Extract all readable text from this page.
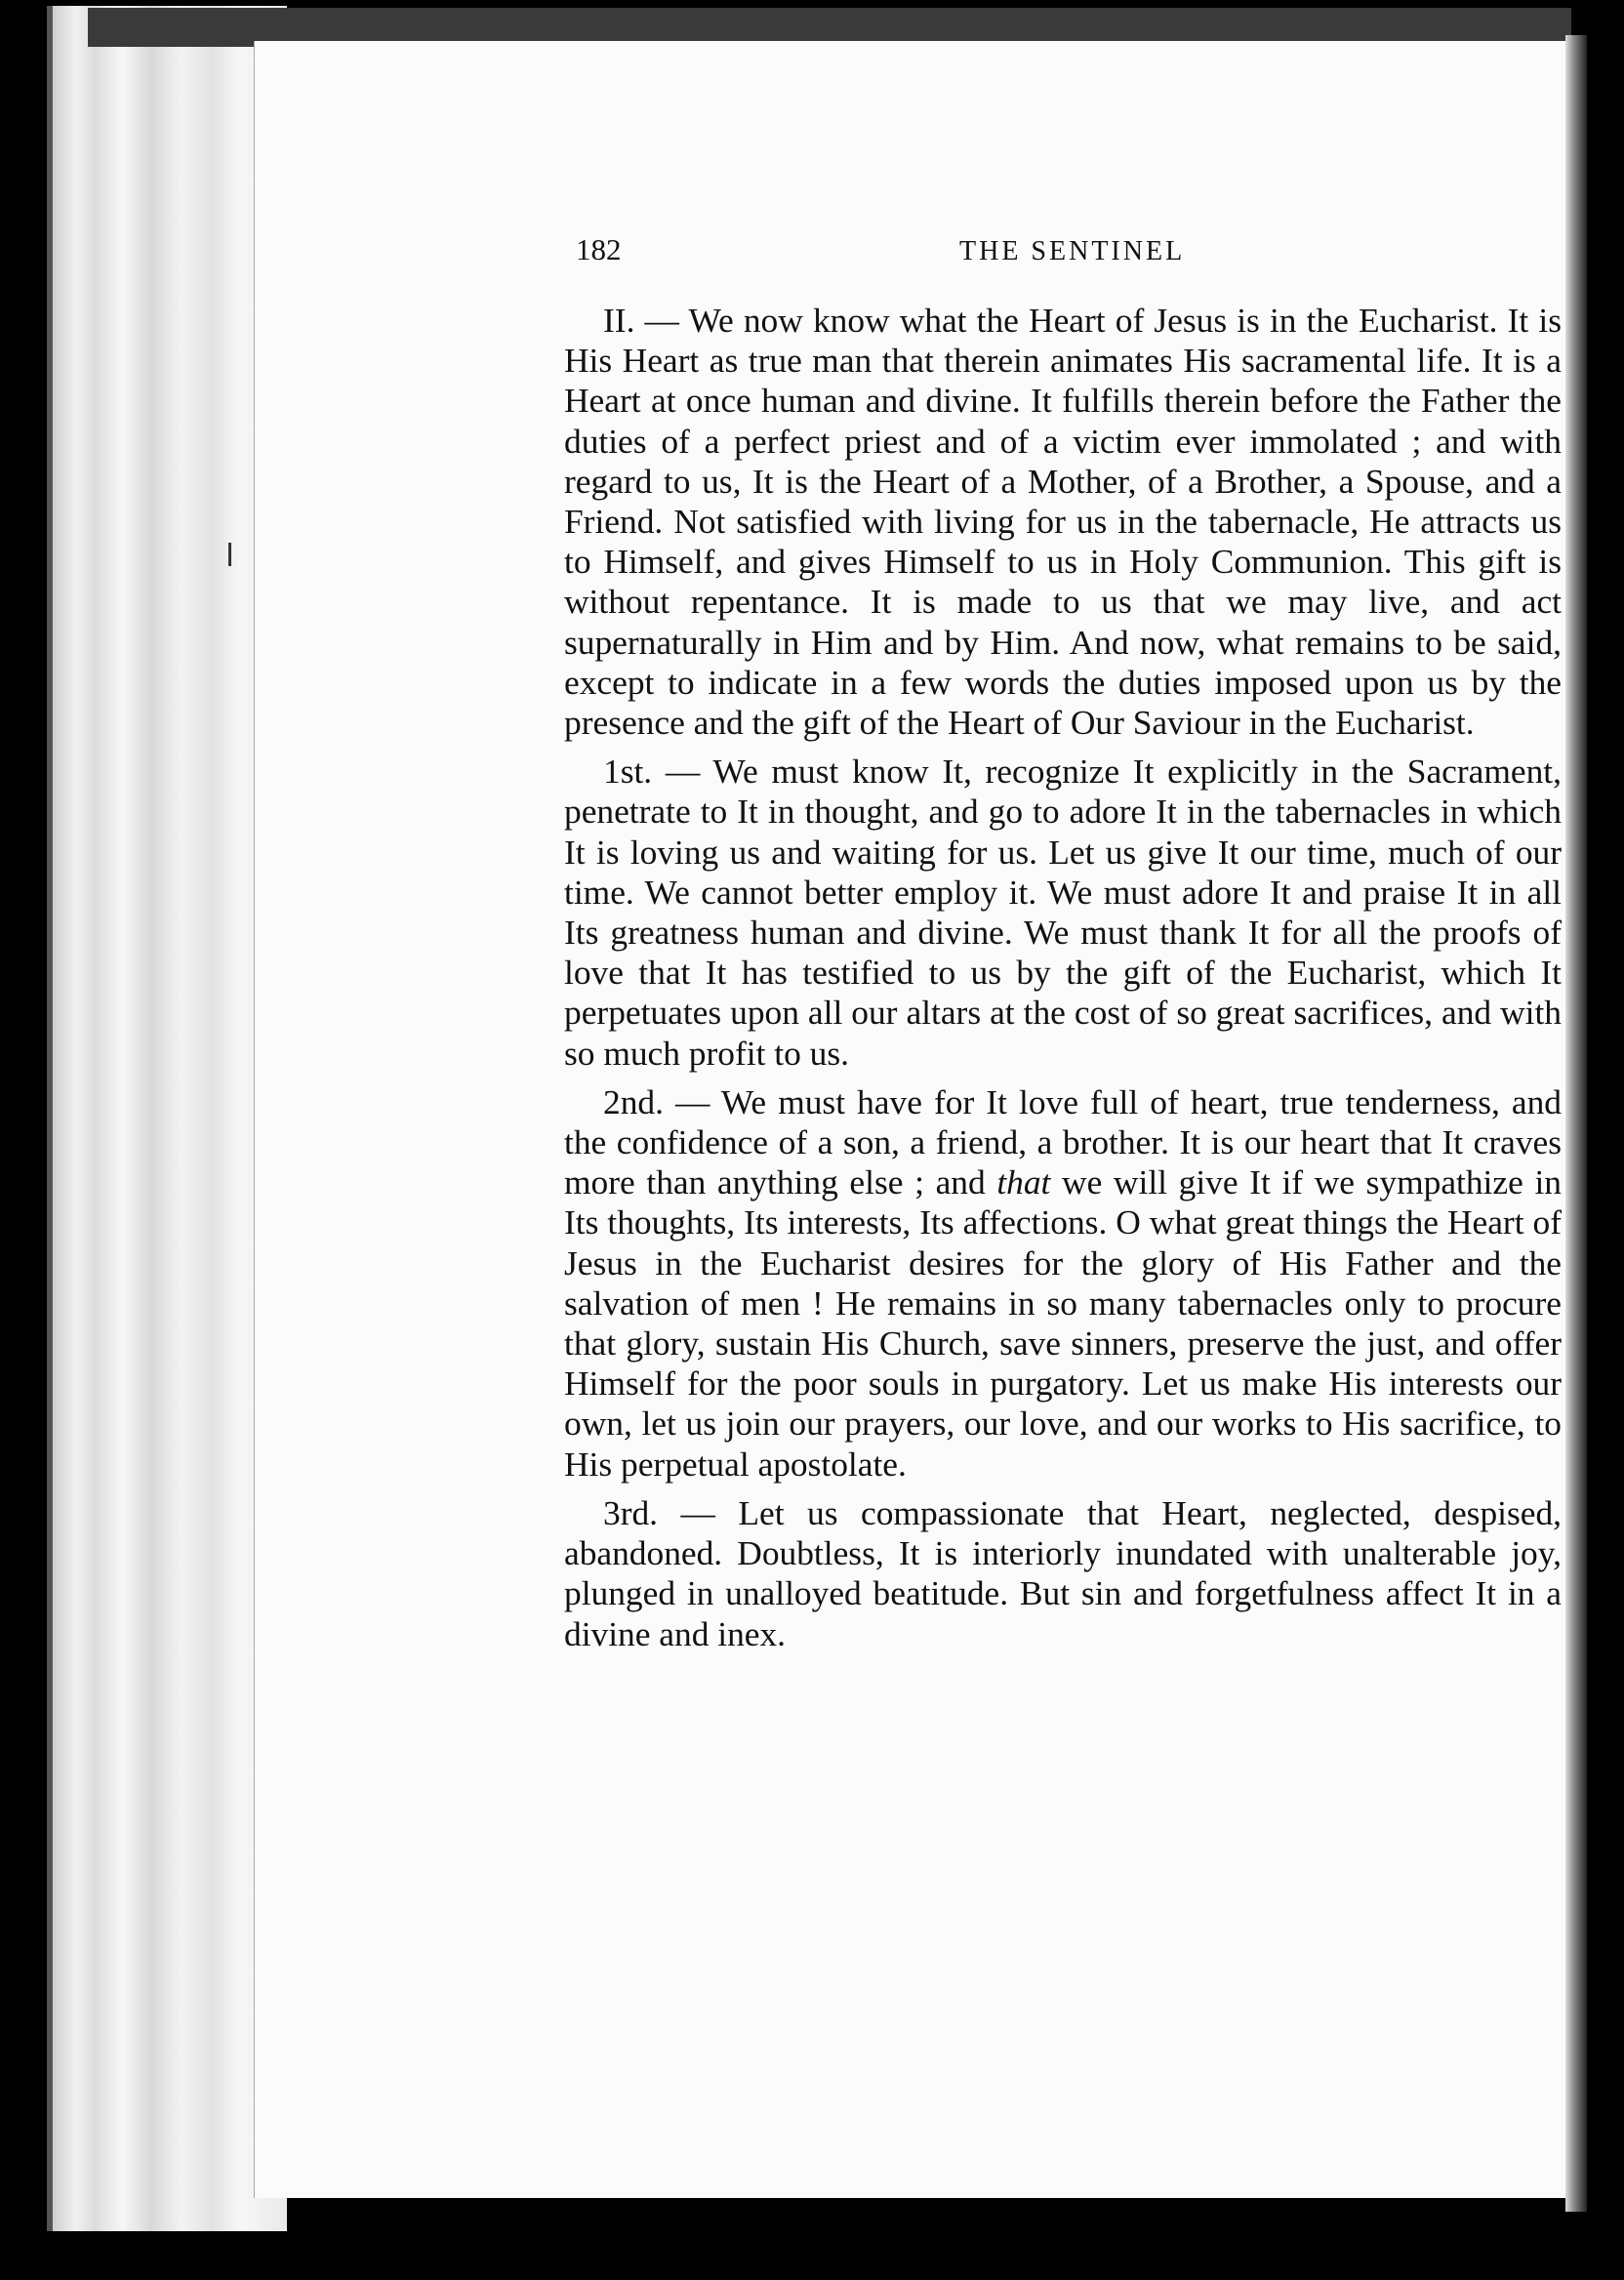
182	THE SENTINEL

II. — We now know what the Heart of Jesus is in the Eucharist. It is His Heart as true man that therein animates His sacramental life. It is a Heart at once human and divine. It fulfills therein before the Father the duties of a perfect priest and of a victim ever immolated ; and with regard to us, It is the Heart of a Mother, of a Brother, a Spouse, and a Friend. Not satisfied with living for us in the tabernacle, He attracts us to Himself, and gives Himself to us in Holy Communion. This gift is without repentance. It is made to us that we may live, and act supernaturally in Him and by Him. And now, what remains to be said, except to indicate in a few words the duties imposed upon us by the presence and the gift of the Heart of Our Saviour in the Eucharist.

1st. — We must know It, recognize It explicitly in the Sacrament, penetrate to It in thought, and go to adore It in the tabernacles in which It is loving us and waiting for us. Let us give It our time, much of our time. We cannot better employ it. We must adore It and praise It in all Its greatness human and divine. We must thank It for all the proofs of love that It has testified to us by the gift of the Eucharist, which It perpetuates upon all our altars at the cost of so great sacrifices, and with so much profit to us.

2nd. — We must have for It love full of heart, true tenderness, and the confidence of a son, a friend, a brother. It is our heart that It craves more than anything else ; and that we will give It if we sympathize in Its thoughts, Its interests, Its affections. O what great things the Heart of Jesus in the Eucharist desires for the glory of His Father and the salvation of men ! He remains in so many tabernacles only to procure that glory, sustain His Church, save sinners, preserve the just, and offer Himself for the poor souls in purgatory. Let us make His interests our own, let us join our prayers, our love, and our works to His sacrifice, to His perpetual apostolate.

3rd. — Let us compassionate that Heart, neglected, despised, abandoned. Doubtless, It is interiorly inundated with unalterable joy, plunged in unalloyed beatitude. But sin and forgetfulness affect It in a divine and inex.
